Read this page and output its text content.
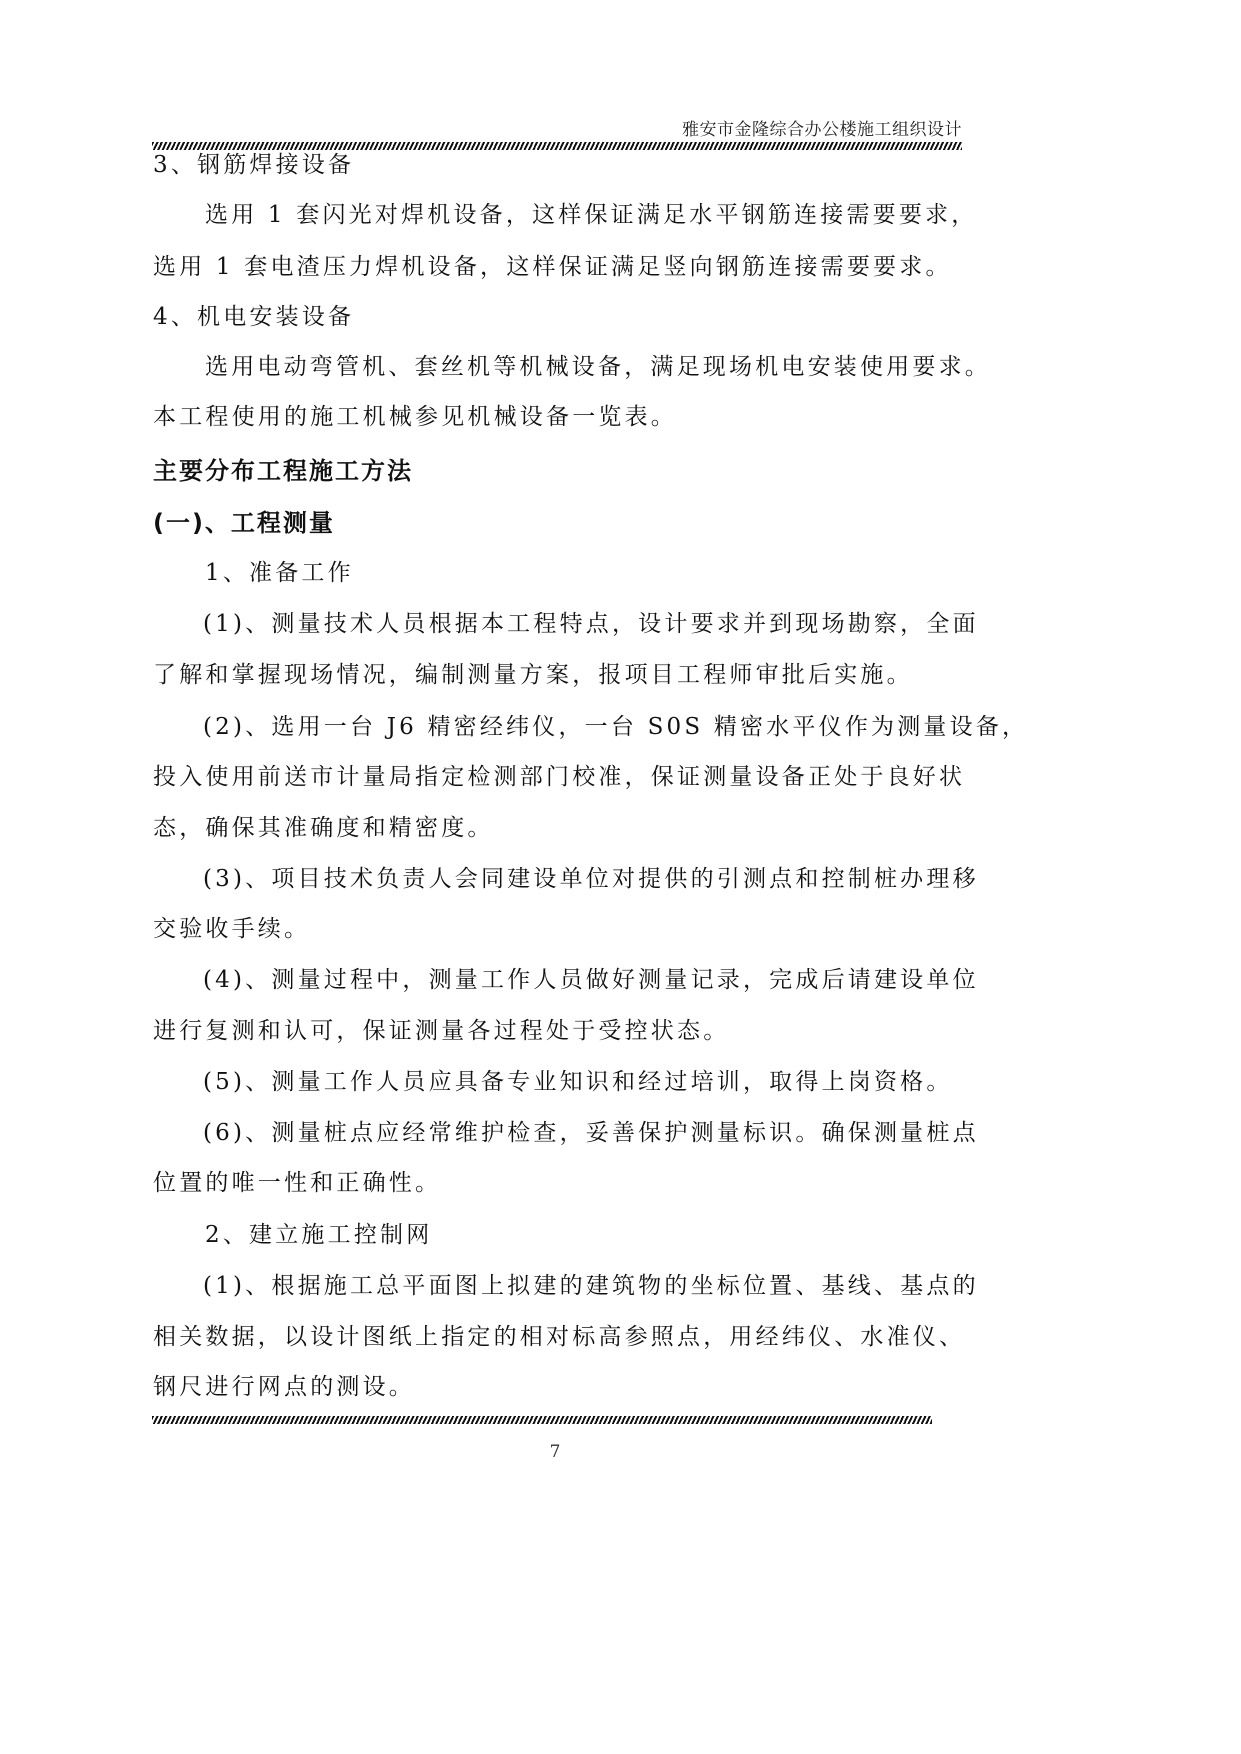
雅安市金隆综合办公楼施工组织设计
3、钢筋焊接设备
选用 1 套闪光对焊机设备，这样保证满足水平钢筋连接需要要求，
选用 1 套电渣压力焊机设备，这样保证满足竖向钢筋连接需要要求。
4、机电安装设备
选用电动弯管机、套丝机等机械设备，满足现场机电安装使用要求。
本工程使用的施工机械参见机械设备一览表。
主要分布工程施工方法
(一)、工程测量
1、准备工作
(1)、测量技术人员根据本工程特点，设计要求并到现场勘察，全面
了解和掌握现场情况，编制测量方案，报项目工程师审批后实施。
(2)、选用一台 J6 精密经纬仪，一台 S0S 精密水平仪作为测量设备，
投入使用前送市计量局指定检测部门校准，保证测量设备正处于良好状
态，确保其准确度和精密度。
(3)、项目技术负责人会同建设单位对提供的引测点和控制桩办理移
交验收手续。
(4)、测量过程中，测量工作人员做好测量记录，完成后请建设单位
进行复测和认可，保证测量各过程处于受控状态。
(5)、测量工作人员应具备专业知识和经过培训，取得上岗资格。
(6)、测量桩点应经常维护检查，妥善保护测量标识。确保测量桩点
位置的唯一性和正确性。
2、建立施工控制网
(1)、根据施工总平面图上拟建的建筑物的坐标位置、基线、基点的
相关数据，以设计图纸上指定的相对标高参照点，用经纬仪、水准仪、
钢尺进行网点的测设。
7
